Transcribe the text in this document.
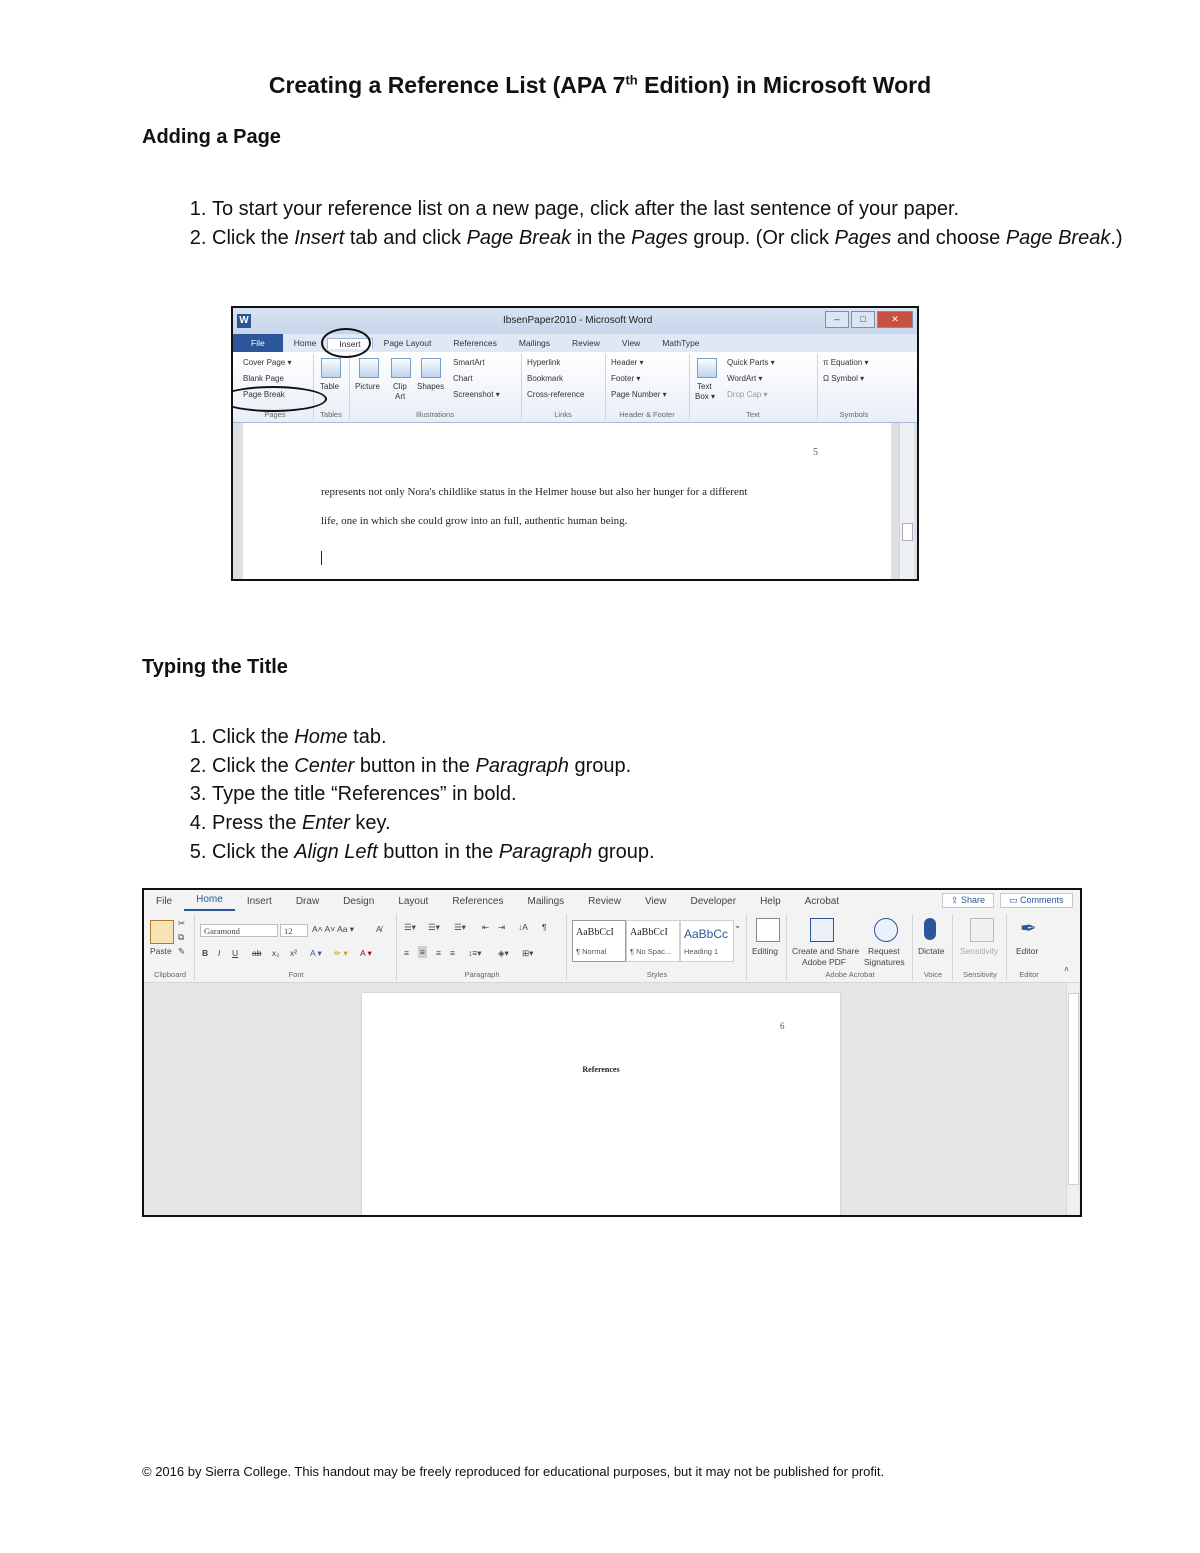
Creating a Reference List (APA 7th Edition) in Microsoft Word
Adding a Page
1. To start your reference list on a new page, click after the last sentence of your paper.
2. Click the Insert tab and click Page Break in the Pages group. (Or click Pages and choose Page Break.)
W	IbsenPaper2010 - Microsoft Word	–	□	✕
File	Home	Insert	Page Layout	References	Mailings	Review	View	MathType
Cover Page ▾
Blank Page
Page Break
Pages
Table
Tables
Picture Clip
Art
Shapes
SmartArt
Chart
Screenshot ▾
Illustrations
Hyperlink
Bookmark
Cross-reference
Links
Header ▾
Footer ▾
Page Number ▾
Header & Footer
Text
Box ▾
Quick Parts ▾
WordArt ▾
Drop Cap ▾
Text
π Equation ▾
Ω Symbol ▾
Symbols
5
represents not only Nora's childlike status in the Helmer house but also her hunger for a different
life, one in which she could grow into an full, authentic human being.
Typing the Title
1. Click the Home tab.
2. Click the Center button in the Paragraph group.
3. Type the title “References” in bold.
4. Press the Enter key.
5. Click the Align Left button in the Paragraph group.
File	Home	Insert	Draw	Design	Layout	References	Mailings	Review	View	Developer	Help	Acrobat	⇪ Share	▭ Comments
Paste
✂
⧉
✎
Clipboard
Garamond	12	A˄ A˅ Aa ▾	A̸
B I U ab x₂ x² A ▾ ✏ ▾ A ▾
Font
☰▾ ☰▾ ☰▾ ⇤ ⇥ ↓A ¶
≡ ≡ ≡ ≡ ↕≡▾ ◈▾ ⊞▾
Paragraph
AaBbCcI
¶ Normal
AaBbCcI
¶ No Spac...
AaBbCc
Heading 1
⌄
Styles
Editing Create and Share
Adobe PDF
Request
Signatures
Adobe Acrobat
Dictate
Voice
Sensitivity
Sensitivity
✒
Editor
Editor
˄
6
References
© 2016 by Sierra College. This handout may be freely reproduced for educational purposes, but it may not be published for profit.
